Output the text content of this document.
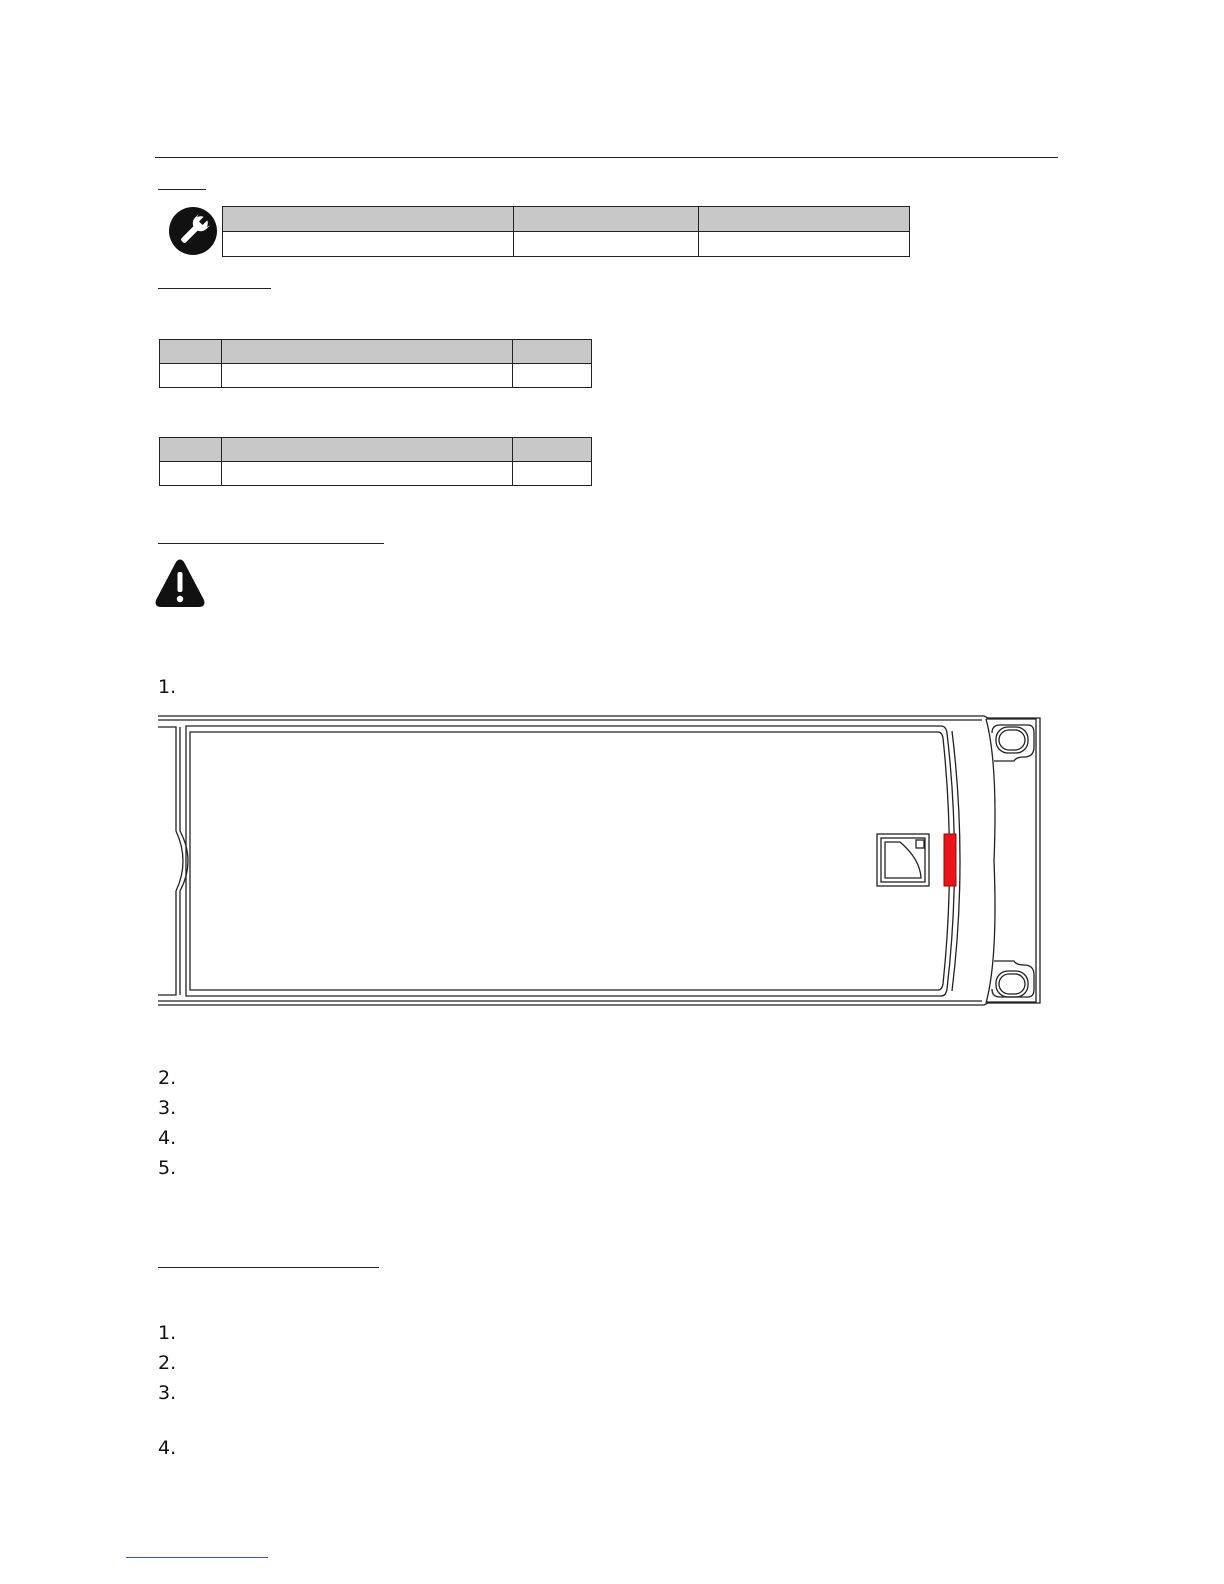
1.
2.
3.
4.
5.
1.
2.
3.
4.
